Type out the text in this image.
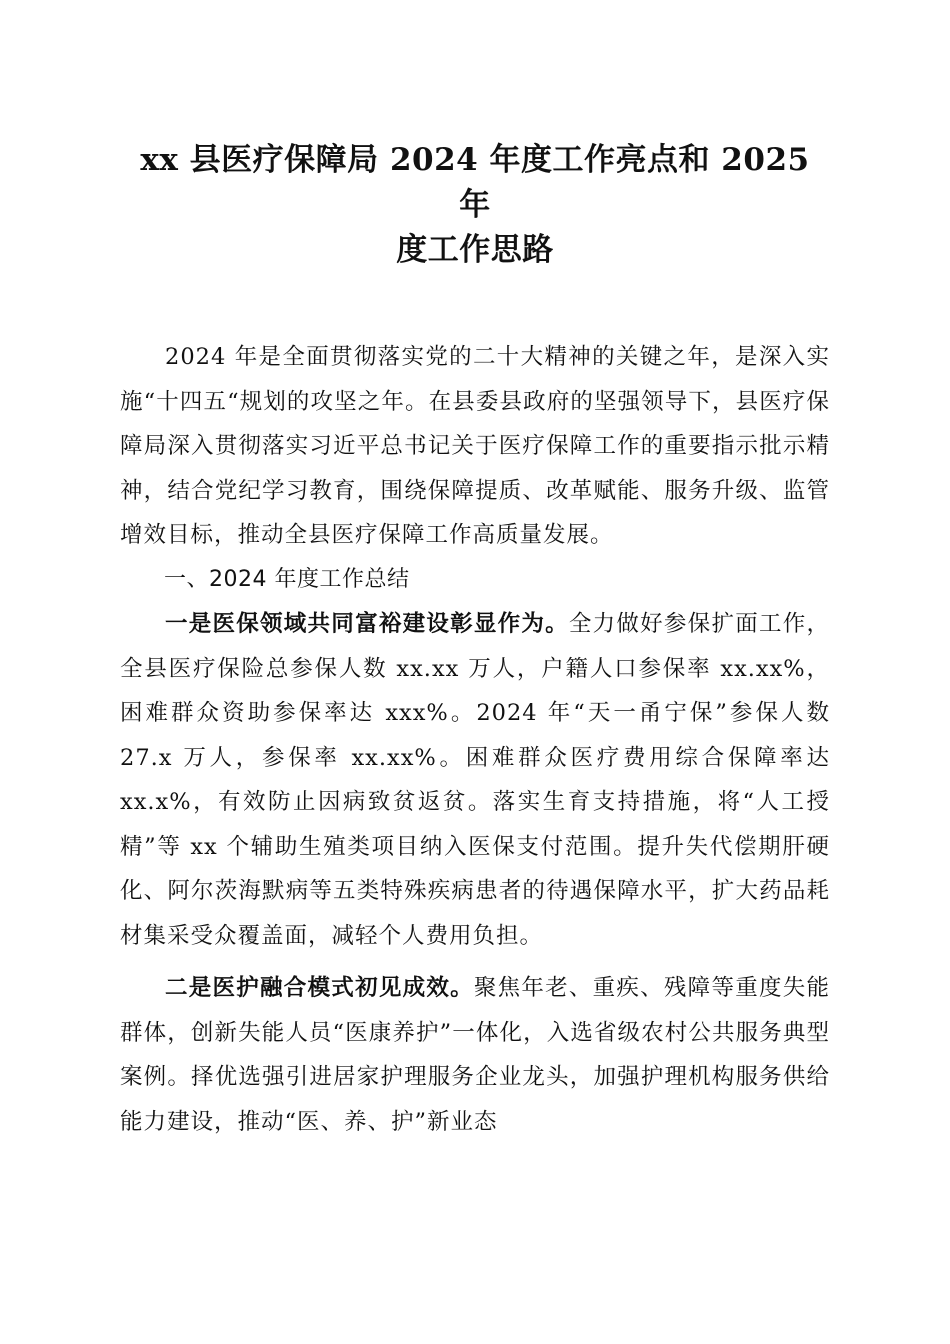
xx 县医疗保障局 2024 年度工作亮点和 2025 年
度工作思路

2024 年是全面贯彻落实党的二十大精神的关键之年，是深入实施“十四五“规划的攻坚之年。在县委县政府的坚强领导下，县医疗保障局深入贯彻落实习近平总书记关于医疗保障工作的重要指示批示精神，结合党纪学习教育，围绕保障提质、改革赋能、服务升级、监管增效目标，推动全县医疗保障工作高质量发展。

一、2024 年度工作总结

一是医保领域共同富裕建设彰显作为。全力做好参保扩面工作，全县医疗保险总参保人数 xx.xx 万人，户籍人口参保率 xx.xx%，困难群众资助参保率达 xxx%。2024 年“天一甬宁保”参保人数 27.x 万人，参保率 xx.xx%。困难群众医疗费用综合保障率达 xx.x%，有效防止因病致贫返贫。落实生育支持措施，将“人工授精”等 xx 个辅助生殖类项目纳入医保支付范围。提升失代偿期肝硬化、阿尔茨海默病等五类特殊疾病患者的待遇保障水平，扩大药品耗材集采受众覆盖面，减轻个人费用负担。

二是医护融合模式初见成效。聚焦年老、重疾、残障等重度失能群体，创新失能人员“医康养护”一体化，入选省级农村公共服务典型案例。择优选强引进居家护理服务企业龙头，加强护理机构服务供给能力建设，推动“医、养、护”新业态
